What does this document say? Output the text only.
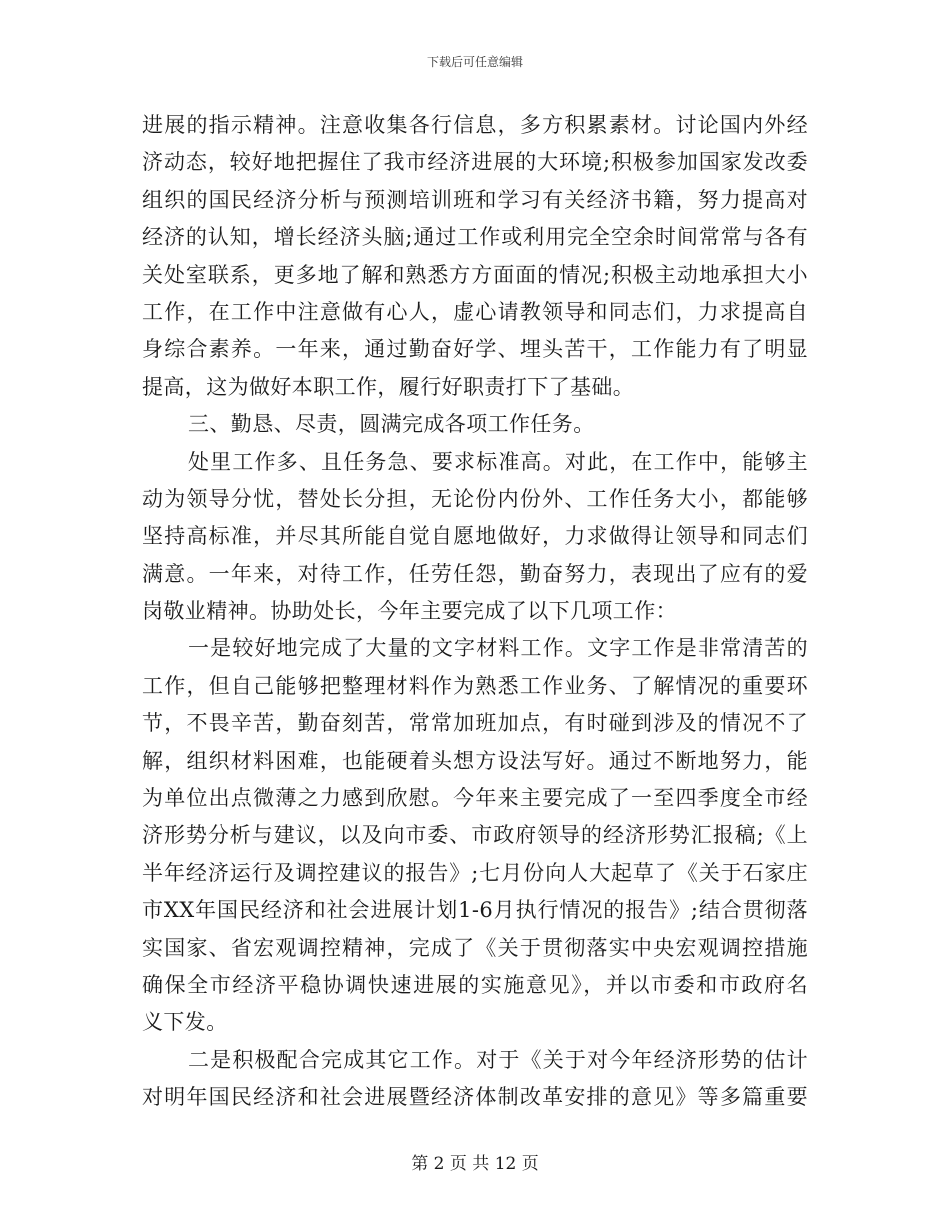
下载后可任意编辑
进展的指示精神。注意收集各行信息，多方积累素材。讨论国内外经
济动态，较好地把握住了我市经济进展的大环境;积极参加国家发改委
组织的国民经济分析与预测培训班和学习有关经济书籍，努力提高对
经济的认知，增长经济头脑;通过工作或利用完全空余时间常常与各有
关处室联系，更多地了解和熟悉方方面面的情况;积极主动地承担大小
工作，在工作中注意做有心人，虚心请教领导和同志们，力求提高自
身综合素养。一年来，通过勤奋好学、埋头苦干，工作能力有了明显
提高，这为做好本职工作，履行好职责打下了基础。
三、勤恳、尽责，圆满完成各项工作任务。
处里工作多、且任务急、要求标准高。对此，在工作中，能够主
动为领导分忧，替处长分担，无论份内份外、工作任务大小，都能够
坚持高标准，并尽其所能自觉自愿地做好，力求做得让领导和同志们
满意。一年来，对待工作，任劳任怨，勤奋努力，表现出了应有的爱
岗敬业精神。协助处长，今年主要完成了以下几项工作：
一是较好地完成了大量的文字材料工作。文字工作是非常清苦的
工作，但自己能够把整理材料作为熟悉工作业务、了解情况的重要环
节，不畏辛苦，勤奋刻苦，常常加班加点，有时碰到涉及的情况不了
解，组织材料困难，也能硬着头想方设法写好。通过不断地努力，能
为单位出点微薄之力感到欣慰。今年来主要完成了一至四季度全市经
济形势分析与建议，以及向市委、市政府领导的经济形势汇报稿;《上
半年经济运行及调控建议的报告》;七月份向人大起草了《关于石家庄
市XX年国民经济和社会进展计划1-6月执行情况的报告》;结合贯彻落
实国家、省宏观调控精神，完成了《关于贯彻落实中央宏观调控措施
确保全市经济平稳协调快速进展的实施意见》，并以市委和市政府名
义下发。
二是积极配合完成其它工作。对于《关于对今年经济形势的估计
对明年国民经济和社会进展暨经济体制改革安排的意见》等多篇重要
第 2 页 共 12 页
